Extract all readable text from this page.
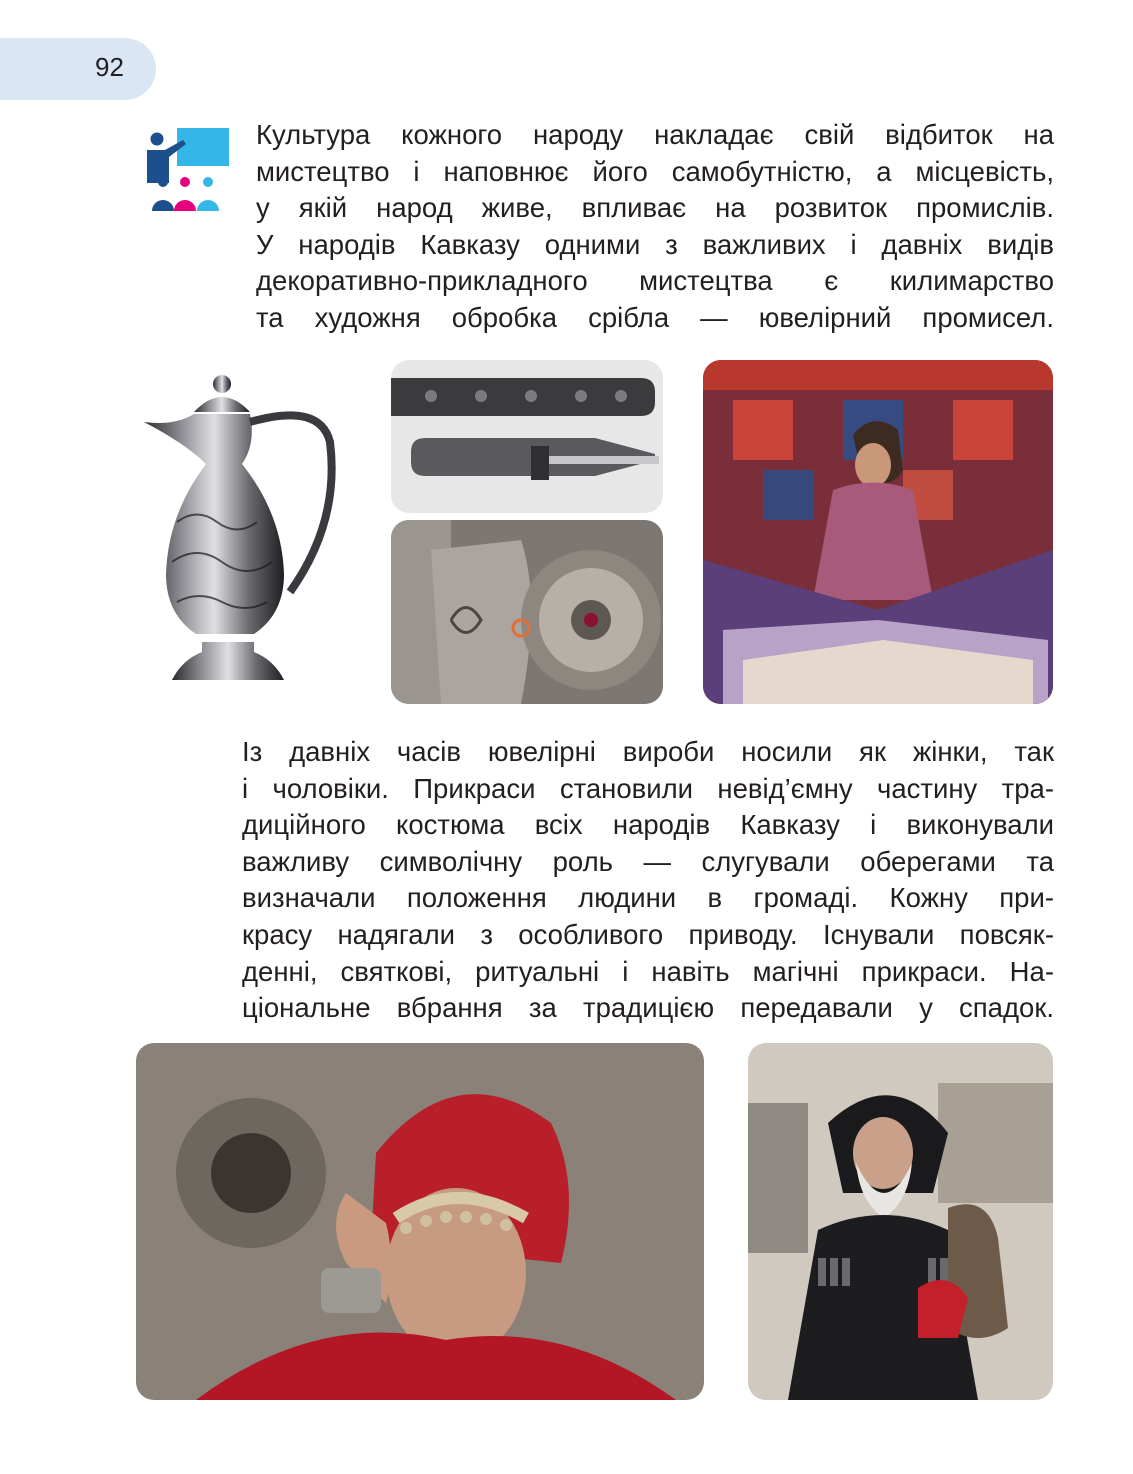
92
Культура кожного народу накладає свій відбиток на
мистецтво і наповнює його самобутністю, а місцевість,
у якій народ живе, впливає на розвиток промислів.
У народів Кавказу одними з важливих і давніх видів
декоративно-прикладного мистецтва є килимарство
та художня обробка срібла — ювелірний промисел.
Із давніх часів ювелірні вироби носили як жінки, так
і чоловіки. Прикраси становили невід’ємну частину тра-
диційного костюма всіх народів Кавказу і виконували
важливу символічну роль — слугували оберегами та
визначали положення людини в громаді. Кожну при-
красу надягали з особливого приводу. Існували повсяк-
денні, святкові, ритуальні і навіть магічні прикраси. На-
ціональне вбрання за традицією передавали у спадок.
